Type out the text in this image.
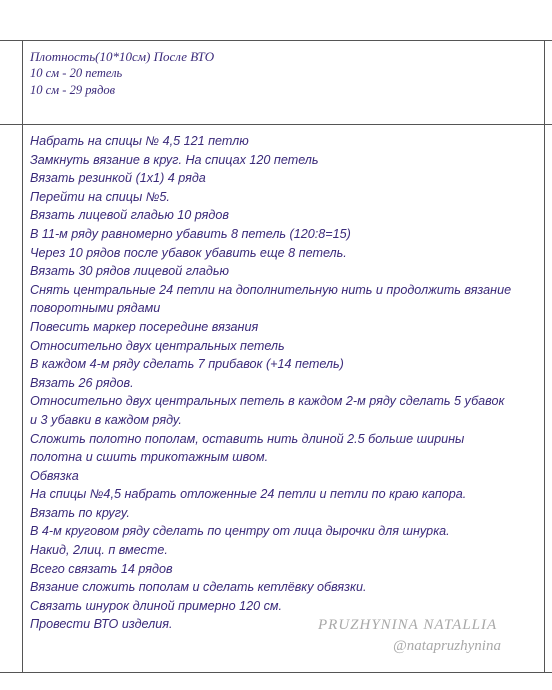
Плотность(10*10см) После ВТО
10 см - 20 петель
10 см - 29 рядов
Набрать на спицы № 4,5 121 петлю
Замкнуть вязание в круг. На спицах 120 петель
Вязать резинкой (1х1) 4 ряда
Перейти на спицы №5.
Вязать лицевой гладью 10 рядов
В 11-м ряду равномерно убавить 8 петель (120:8=15)
Через 10 рядов после убавок убавить еще 8 петель.
Вязать 30 рядов лицевой гладью
Снять центральные 24 петли на дополнительную нить и продолжить вязание
поворотными рядами
Повесить маркер посередине вязания
Относительно двух центральных петель
В каждом 4-м ряду сделать 7 прибавок (+14 петель)
Вязать 26 рядов.
Относительно двух центральных петель в каждом 2-м ряду сделать 5 убавок
и 3 убавки в каждом ряду.
Сложить полотно пополам, оставить нить длиной 2.5 больше ширины
полотна и сшить трикотажным швом.
Обвязка
На спицы №4,5 набрать отложенные 24 петли и петли по краю капора.
Вязать по кругу.
В 4-м круговом ряду сделать по центру от лица дырочки для шнурка.
Накид, 2лиц. п вместе.
Всего связать 14 рядов
Вязание сложить пополам и сделать кетлёвку обвязки.
Связать шнурок длиной примерно 120 см.
Провести ВТО изделия.	PRUZHYNINA NATALLIA
@natapruzhynina
